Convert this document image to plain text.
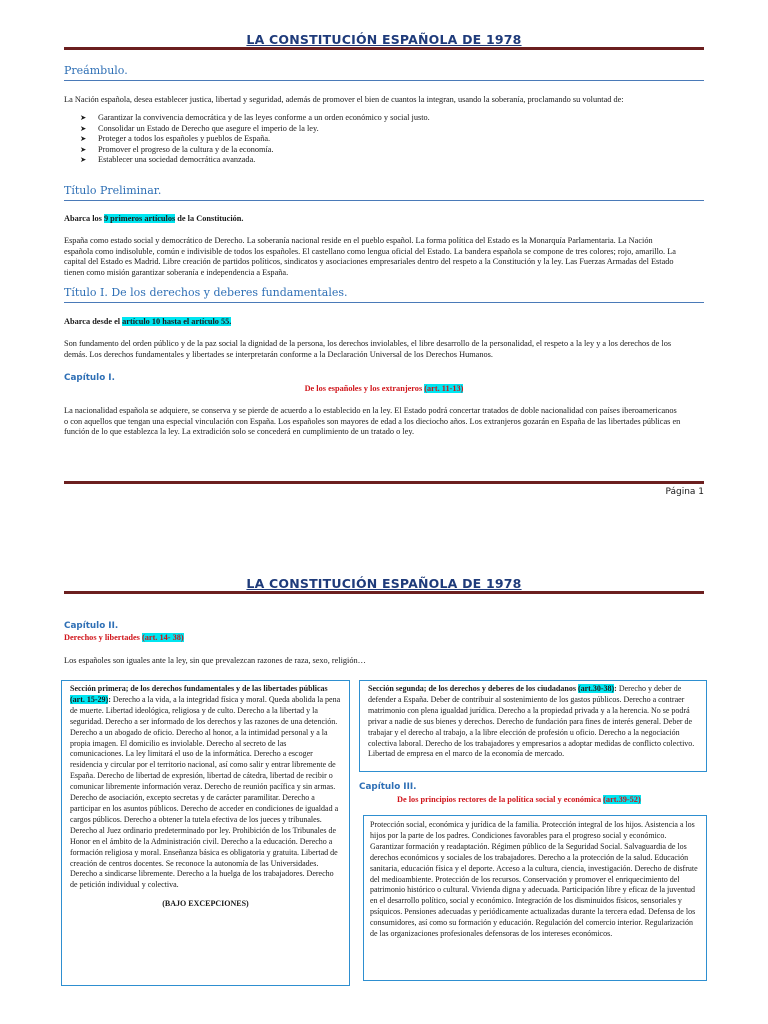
LA CONSTITUCIÓN ESPAÑOLA DE 1978
Preámbulo.
La Nación española, desea establecer justica, libertad y seguridad, además de promover el bien de cuantos la integran, usando la soberanía, proclamando su voluntad de:
➤ Garantizar la convivencia democrática y de las leyes conforme a un orden económico y social justo.
➤ Consolidar un Estado de Derecho que asegure el imperio de la ley.
➤ Proteger a todos los españoles y pueblos de España.
➤ Promover el progreso de la cultura y de la economía.
➤ Establecer una sociedad democrática avanzada.
Título Preliminar.
Abarca los 9 primeros artículos de la Constitución.
España como estado social y democrático de Derecho. La soberanía nacional reside en el pueblo español. La forma política del Estado es la Monarquía Parlamentaria. La Nación española como indisoluble, común e indivisible de todos los españoles. El castellano como lengua oficial del Estado. La bandera española se compone de tres colores; rojo, amarillo. La capital del Estado es Madrid. Libre creación de partidos políticos, sindicatos y asociaciones empresariales dentro del respeto a la Constitución y la ley. Las Fuerzas Armadas del Estado tienen como misión garantizar soberanía e independencia a España.
Título I. De los derechos y deberes fundamentales.
Abarca desde el artículo 10 hasta el artículo 55.
Son fundamento del orden público y de la paz social la dignidad de la persona, los derechos inviolables, el libre desarrollo de la personalidad, el respeto a la ley y a los derechos de los demás. Los derechos fundamentales y libertades se interpretarán conforme a la Declaración Universal de los Derechos Humanos.
Capítulo I.
De los españoles y los extranjeros (art. 11-13)
La nacionalidad española se adquiere, se conserva y se pierde de acuerdo a lo establecido en la ley. El Estado podrá concertar tratados de doble nacionalidad con países iberoamericanos o con aquellos que tengan una especial vinculación con España. Los españoles son mayores de edad a los dieciocho años. Los extranjeros gozarán en España de las libertades públicas en función de lo que establezca la ley. La extradición solo se concederá en cumplimiento de un tratado o ley.
Página 1
LA CONSTITUCIÓN ESPAÑOLA DE 1978
Capítulo II.
Derechos y libertades (art. 14- 38)
Los españoles son iguales ante la ley, sin que prevalezcan razones de raza, sexo, religión…
Sección primera; de los derechos fundamentales y de las libertades públicas (art. 15-29): Derecho a la vida, a la integridad física y moral. Queda abolida la pena de muerte. Libertad ideológica, religiosa y de culto. Derecho a la libertad y la seguridad. Derecho a ser informado de los derechos y las razones de una detención. Derecho a un abogado de oficio. Derecho al honor, a la intimidad personal y a la propia imagen. El domicilio es inviolable. Derecho al secreto de las comunicaciones. La ley limitará el uso de la informática. Derecho a escoger residencia y circular por el territorio nacional, así como salir y entrar libremente de España. Derecho de libertad de expresión, libertad de cátedra, libertad de recibir o comunicar libremente información veraz. Derecho de reunión pacífica y sin armas. Derecho de asociación, excepto secretas y de carácter paramilitar. Derecho a participar en los asuntos públicos. Derecho de acceder en condiciones de igualdad a cargos públicos. Derecho a obtener la tutela efectiva de los jueces y tribunales. Derecho al Juez ordinario predeterminado por ley. Prohibición de los Tribunales de Honor en el ámbito de la Administración civil. Derecho a la educación. Derecho a formación religiosa y moral. Enseñanza básica es obligatoria y gratuita. Libertad de creación de centros docentes. Se reconoce la autonomía de las Universidades. Derecho a sindicarse libremente. Derecho a la huelga de los trabajadores. Derecho de petición individual y colectiva.
(BAJO EXCEPCIONES)
Sección segunda; de los derechos y deberes de los ciudadanos (art.30-38): Derecho y deber de defender a España. Deber de contribuir al sostenimiento de los gastos públicos. Derecho a contraer matrimonio con plena igualdad jurídica. Derecho a la propiedad privada y a la herencia. No se podrá privar a nadie de sus bienes y derechos. Derecho de fundación para fines de interés general. Deber de trabajar y el derecho al trabajo, a la libre elección de profesión u oficio. Derecho a la negociación colectiva laboral. Derecho de los trabajadores y empresarios a adoptar medidas de conflicto colectivo. Libertad de empresa en el marco de la economía de mercado.
Capítulo III.
De los principios rectores de la política social y económica (art.39-52)
Protección social, económica y jurídica de la familia. Protección integral de los hijos. Asistencia a los hijos por la parte de los padres. Condiciones favorables para el progreso social y económico. Garantizar formación y readaptación. Régimen público de la Seguridad Social. Salvaguardia de los derechos económicos y sociales de los trabajadores. Derecho a la protección de la salud. Educación sanitaria, educación física y el deporte. Acceso a la cultura, ciencia, investigación. Derecho de disfrute del medioambiente. Protección de los recursos. Conservación y promover el enriquecimiento del patrimonio histórico o cultural. Vivienda digna y adecuada. Participación libre y eficaz de la juventud en el desarrollo político, social y económico. Integración de los disminuidos físicos, sensoriales y psíquicos. Pensiones adecuadas y periódicamente actualizadas durante la tercera edad. Defensa de los consumidores, así como su formación y educación. Regulación del comercio interior. Regularización de las organizaciones profesionales defensoras de los intereses económicos.
